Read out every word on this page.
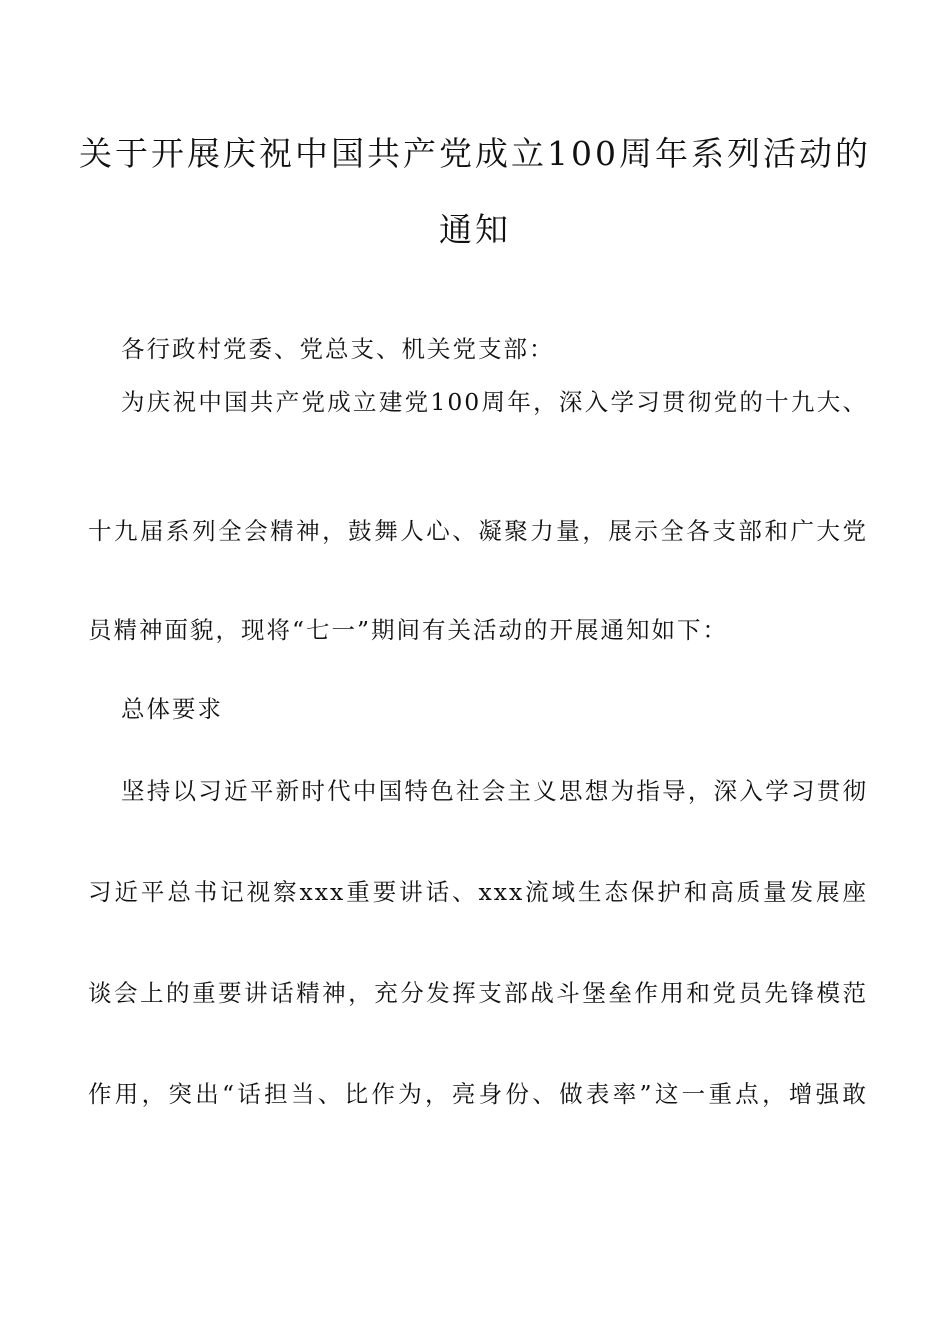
关于开展庆祝中国共产党成立100周年系列活动的
通知
各行政村党委、党总支、机关党支部：
为庆祝中国共产党成立建党100周年，深入学习贯彻党的十九大、
十九届系列全会精神，鼓舞人心、凝聚力量，展示全各支部和广大党
员精神面貌，现将“七一”期间有关活动的开展通知如下：
总体要求
坚持以习近平新时代中国特色社会主义思想为指导，深入学习贯彻
习近平总书记视察xxx重要讲话、xxx流域生态保护和高质量发展座
谈会上的重要讲话精神，充分发挥支部战斗堡垒作用和党员先锋模范
作用，突出“话担当、比作为，亮身份、做表率”这一重点，增强敢
